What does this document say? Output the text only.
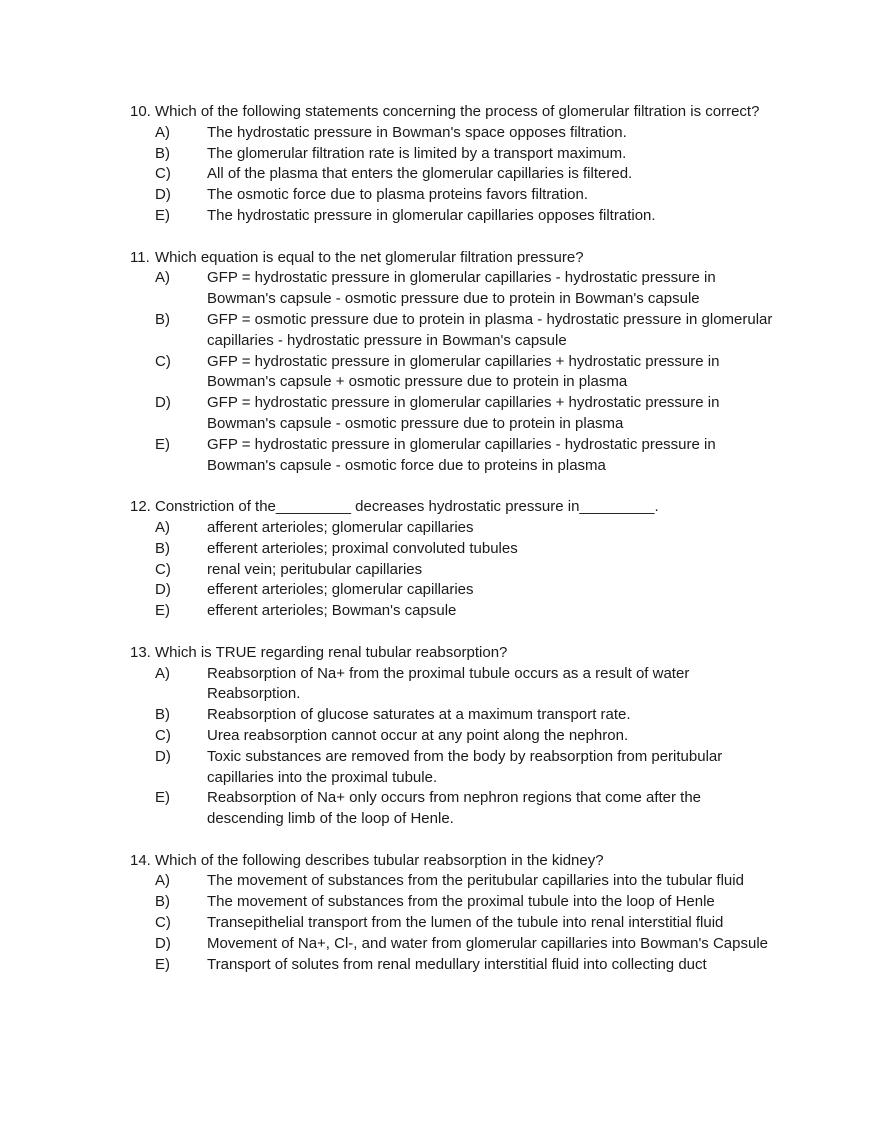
10. Which of the following statements concerning the process of glomerular filtration is correct?
A)	The hydrostatic pressure in Bowman's space opposes filtration.
B)	The glomerular filtration rate is limited by a transport maximum.
C)	All of the plasma that enters the glomerular capillaries is filtered.
D)	The osmotic force due to plasma proteins favors filtration.
E)	The hydrostatic pressure in glomerular capillaries opposes filtration.
11. Which equation is equal to the net glomerular filtration pressure?
A)	GFP = hydrostatic pressure in glomerular capillaries - hydrostatic pressure in Bowman's capsule - osmotic pressure due to protein in Bowman's capsule
B)	GFP = osmotic pressure due to protein in plasma - hydrostatic pressure in glomerular capillaries - hydrostatic pressure in Bowman's capsule
C)	GFP = hydrostatic pressure in glomerular capillaries + hydrostatic pressure in Bowman's capsule + osmotic pressure due to protein in plasma
D)	GFP = hydrostatic pressure in glomerular capillaries + hydrostatic pressure in Bowman's capsule - osmotic pressure due to protein in plasma
E)	GFP = hydrostatic pressure in glomerular capillaries - hydrostatic pressure in Bowman's capsule - osmotic force due to proteins in plasma
12. Constriction of the_________ decreases hydrostatic pressure in_________.
A)	afferent arterioles; glomerular capillaries
B)	efferent arterioles; proximal convoluted tubules
C)	renal vein; peritubular capillaries
D)	efferent arterioles; glomerular capillaries
E)	efferent arterioles; Bowman's capsule
13. Which is TRUE regarding renal tubular reabsorption?
A)	Reabsorption of Na+ from the proximal tubule occurs as a result of water Reabsorption.
B)	Reabsorption of glucose saturates at a maximum transport rate.
C)	Urea reabsorption cannot occur at any point along the nephron.
D)	Toxic substances are removed from the body by reabsorption from peritubular capillaries into the proximal tubule.
E)	Reabsorption of Na+ only occurs from nephron regions that come after the descending limb of the loop of Henle.
14. Which of the following describes tubular reabsorption in the kidney?
A)	The movement of substances from the peritubular capillaries into the tubular fluid
B)	The movement of substances from the proximal tubule into the loop of Henle
C)	Transepithelial transport from the lumen of the tubule into renal interstitial fluid
D)	Movement of Na+, Cl-, and water from glomerular capillaries into Bowman's Capsule
E)	Transport of solutes from renal medullary interstitial fluid into collecting duct
